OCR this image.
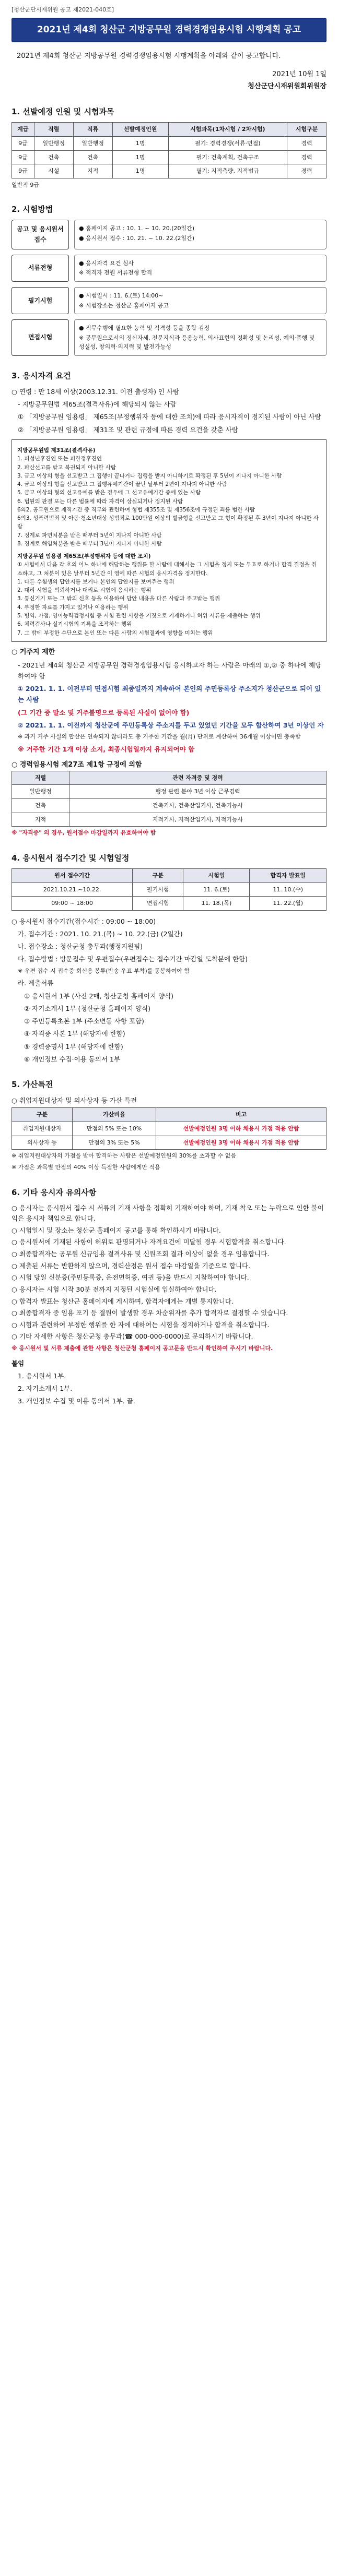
[청산군단시재위원 공고 제2021-040호]
2021년 제4회 청산군 지방공무원 경력경쟁임용시험 시행계획 공고

2021년 제4회 청산군 지방공무원 경력경쟁임용시험 시행계획을 아래와 같이 공고합니다.

2021년 10월 1일
청산군단시재위원회위원장
1. 선발예정 인원 및 시험과목
계급	직렬	직류	선발예정인원	시험과목(1차시험 / 2차시험)	시험구분
9급	일반행정	일반행정	1명	필기: 경력경쟁(서류·면접)	경력
9급	건축	건축	1명	필기: 건축계획, 건축구조	경력
9급	시설	지적	1명	필기: 지적측량, 지적법규	경력
일반직 9급
2. 시험방법
공고 및 응시원서 접수

● 홈페이지 공고 : 10. 1. ~ 10. 20.(20일간)

● 응시원서 접수 : 10. 21. ~ 10. 22.(2일간)

서류전형

● 응시자격 요건 심사

※ 적격자 전원 서류전형 합격

필기시험

● 시험일시 : 11. 6.(토) 14:00~

※ 시험장소는 청산군 홈페이지 공고

면접시험

● 직무수행에 필요한 능력 및 적격성 등을 종합 검정

※ 공무원으로서의 정신자세, 전문지식과 응용능력, 의사표현의 정확성 및 논리성, 예의·품행 및 성실성, 창의력·의지력 및 발전가능성

3. 응시자격 요건

○ 연령 : 만 18세 이상(2003.12.31. 이전 출생자) 인 사람

- 지방공무원법 제65조(결격사유)에 해당되지 않는 사람

① 「지방공무원 임용령」 제65조(부정행위자 등에 대한 조치)에 따라 응시자격이 정지된 사람이 아닌 사람

② 「지방공무원 임용령」 제31조 및 관련 규정에 따른 경력 요건을 갖춘 사람

지방공무원법 제31조(결격사유)
1. 피성년후견인 또는 피한정후견인
2. 파산선고를 받고 복권되지 아니한 사람
3. 금고 이상의 형을 선고받고 그 집행이 끝나거나 집행을 받지 아니하기로 확정된 후 5년이 지나지 아니한 사람
4. 금고 이상의 형을 선고받고 그 집행유예기간이 끝난 날부터 2년이 지나지 아니한 사람
5. 금고 이상의 형의 선고유예를 받은 경우에 그 선고유예기간 중에 있는 사람
6. 법원의 판결 또는 다른 법률에 따라 자격이 상실되거나 정지된 사람
6의2. 공무원으로 재직기간 중 직무와 관련하여 형법 제355조 및 제356조에 규정된 죄를 범한 사람
6의3. 성폭력범죄 및 아동·청소년대상 성범죄로 100만원 이상의 벌금형을 선고받고 그 형이 확정된 후 3년이 지나지 아니한 사람
7. 징계로 파면처분을 받은 때부터 5년이 지나지 아니한 사람
8. 징계로 해임처분을 받은 때부터 3년이 지나지 아니한 사람
지방공무원 임용령 제65조(부정행위자 등에 대한 조치)
① 시험에서 다음 각 호의 어느 하나에 해당하는 행위를 한 사람에 대해서는 그 시험을 정지 또는 무효로 하거나 합격 결정을 취소하고, 그 처분이 있은 날부터 5년간 이 영에 따른 시험의 응시자격을 정지한다.
1. 다른 수험생의 답안지를 보거나 본인의 답안지를 보여주는 행위
2. 대리 시험을 의뢰하거나 대리로 시험에 응시하는 행위
3. 통신기기 또는 그 밖의 신호 등을 이용하여 답안 내용을 다른 사람과 주고받는 행위
4. 부정한 자료를 가지고 있거나 이용하는 행위
5. 병역, 가점, 영어능력검정시험 등 시험 관련 사항을 거짓으로 기재하거나 허위 서류를 제출하는 행위
6. 체력검사나 실기시험의 기록을 조작하는 행위
7. 그 밖에 부정한 수단으로 본인 또는 다른 사람의 시험결과에 영향을 미치는 행위

○ 거주지 제한

- 2021년 제4회 청산군 지방공무원 경력경쟁임용시험 응시하고자 하는 사람은 아래의 ①,② 중 하나에 해당하여야 함

① 2021. 1. 1. 이전부터 면접시험 최종일까지 계속하여 본인의 주민등록상 주소지가 청산군으로 되어 있는 사람

(그 기간 중 말소 및 거주불명으로 등록된 사실이 없어야 함)

② 2021. 1. 1. 이전까지 청산군에 주민등록상 주소지를 두고 있었던 기간을 모두 합산하여 3년 이상인 자

※ 과거 거주 사실의 합산은 연속되지 않더라도 총 거주한 기간을 월(月) 단위로 계산하여 36개월 이상이면 충족함

※ 거주한 기간 1개 이상 소지, 최종시험일까지 유지되어야 함

○ 경력임용시험 제27조 제1항 규정에 의함

직렬	관련 자격증 및 경력
일반행정	행정 관련 분야 3년 이상 근무경력
건축	건축기사, 건축산업기사, 건축기능사
지적	지적기사, 지적산업기사, 지적기능사

※ "자격증" 의 경우, 원서접수 마감일까지 유효하여야 함

4. 응시원서 접수기간 및 시험일정
원서 접수기간	구분	시험일	합격자 발표일
2021.10.21.~10.22.	필기시험	11. 6.(토)	11. 10.(수)
09:00 ~ 18:00	면접시험	11. 18.(목)	11. 22.(월)

○ 응시원서 접수기간(접수시간 : 09:00 ~ 18:00)

가. 접수기간 : 2021. 10. 21.(목) ~ 10. 22.(금) (2일간)

나. 접수장소 : 청산군청 총무과(행정지원팀)

다. 접수방법 : 방문접수 및 우편접수(우편접수는 접수기간 마감일 도착분에 한함)

※ 우편 접수 시 접수증 회신용 봉투(반송 우표 부착)를 동봉하여야 함

라. 제출서류

① 응시원서 1부 (사진 2매, 청산군청 홈페이지 양식)

② 자기소개서 1부 (청산군청 홈페이지 양식)

③ 주민등록초본 1부 (주소변동 사항 포함)

④ 자격증 사본 1부 (해당자에 한함)

⑤ 경력증명서 1부 (해당자에 한함)

⑥ 개인정보 수집·이용 동의서 1부

5. 가산특전

○ 취업지원대상자 및 의사상자 등 가산 특전

구분	가산비율	비고
취업지원대상자	만점의 5% 또는 10%	선발예정인원 3명 이하 채용시 가점 적용 안함
의사상자 등	만점의 3% 또는 5%	선발예정인원 3명 이하 채용시 가점 적용 안함

※ 취업지원대상자의 가점을 받아 합격하는 사람은 선발예정인원의 30%를 초과할 수 없음

※ 가점은 과목별 만점의 40% 이상 득점한 사람에게만 적용

6. 기타 응시자 유의사항
○ 응시자는 응시원서 접수 시 서류의 기재 사항을 정확히 기재하여야 하며, 기재 착오 또는 누락으로 인한 불이익은 응시자 책임으로 합니다.
○ 시험일시 및 장소는 청산군 홈페이지 공고를 통해 확인하시기 바랍니다.
○ 응시원서에 기재된 사항이 허위로 판명되거나 자격요건에 미달될 경우 시험합격을 취소합니다.
○ 최종합격자는 공무원 신규임용 결격사유 및 신원조회 결과 이상이 없을 경우 임용합니다.
○ 제출된 서류는 반환하지 않으며, 경력산정은 원서 접수 마감일을 기준으로 합니다.
○ 시험 당일 신분증(주민등록증, 운전면허증, 여권 등)을 반드시 지참하여야 합니다.
○ 응시자는 시험 시작 30분 전까지 지정된 시험실에 입실하여야 합니다.
○ 합격자 발표는 청산군 홈페이지에 게시하며, 합격자에게는 개별 통지합니다.
○ 최종합격자 중 임용 포기 등 결원이 발생할 경우 차순위자를 추가 합격자로 결정할 수 있습니다.
○ 시험과 관련하여 부정한 행위를 한 자에 대하여는 시험을 정지하거나 합격을 취소합니다.
○ 기타 자세한 사항은 청산군청 총무과(☎ 000-000-0000)로 문의하시기 바랍니다.

※ 응시원서 및 서류 제출에 관한 사항은 청산군청 홈페이지 공고문을 반드시 확인하여 주시기 바랍니다.

붙임

1. 응시원서 1부.

2. 자기소개서 1부.

3. 개인정보 수집 및 이용 동의서 1부. 끝.
